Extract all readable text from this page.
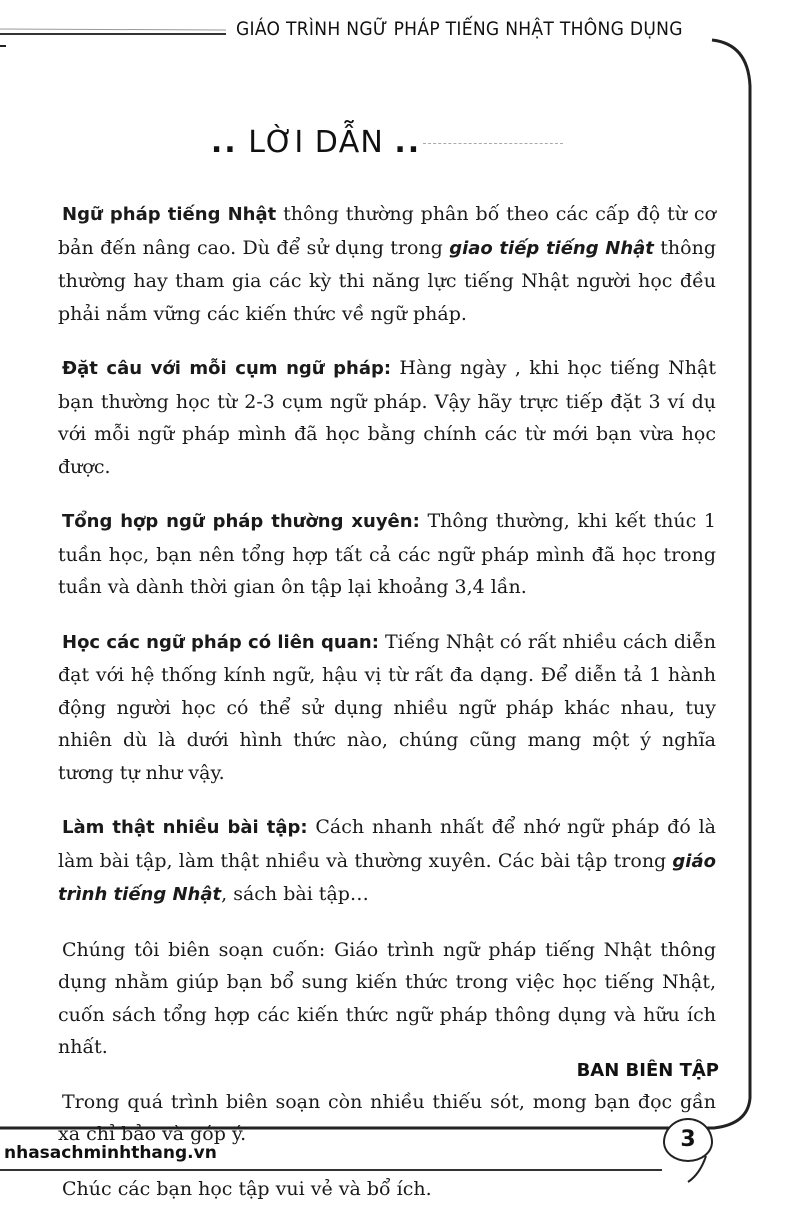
GIÁO TRÌNH NGỮ PHÁP TIẾNG NHẬT THÔNG DỤNG
.. LỜI DẪN ..

Ngữ pháp tiếng Nhật thông thường phân bố theo các cấp độ từ cơ bản đến nâng cao. Dù để sử dụng trong giao tiếp tiếng Nhật thông thường hay tham gia các kỳ thi năng lực tiếng Nhật người học đều phải nắm vững các kiến thức về ngữ pháp.

Đặt câu với mỗi cụm ngữ pháp: Hàng ngày , khi học tiếng Nhật bạn thường học từ 2-3 cụm ngữ pháp. Vậy hãy trực tiếp đặt 3 ví dụ với mỗi ngữ pháp mình đã học bằng chính các từ mới bạn vừa học được.

Tổng hợp ngữ pháp thường xuyên: Thông thường, khi kết thúc 1 tuần học, bạn nên tổng hợp tất cả các ngữ pháp mình đã học trong tuần và dành thời gian ôn tập lại khoảng 3,4 lần.

Học các ngữ pháp có liên quan: Tiếng Nhật có rất nhiều cách diễn đạt với hệ thống kính ngữ, hậu vị từ rất đa dạng. Để diễn tả 1 hành động người học có thể sử dụng nhiều ngữ pháp khác nhau, tuy nhiên dù là dưới hình thức nào, chúng cũng mang một ý nghĩa tương tự như vậy.

Làm thật nhiều bài tập: Cách nhanh nhất để nhớ ngữ pháp đó là làm bài tập, làm thật nhiều và thường xuyên. Các bài tập trong giáo trình tiếng Nhật, sách bài tập…

Chúng tôi biên soạn cuốn: Giáo trình ngữ pháp tiếng Nhật thông dụng nhằm giúp bạn bổ sung kiến thức trong việc học tiếng Nhật, cuốn sách tổng hợp các kiến thức ngữ pháp thông dụng và hữu ích nhất.

Trong quá trình biên soạn còn nhiều thiếu sót, mong bạn đọc gần xa chỉ bảo và góp ý.

Chúc các bạn học tập vui vẻ và bổ ích.

BAN BIÊN TẬP
nhasachminhthang.vn
3
